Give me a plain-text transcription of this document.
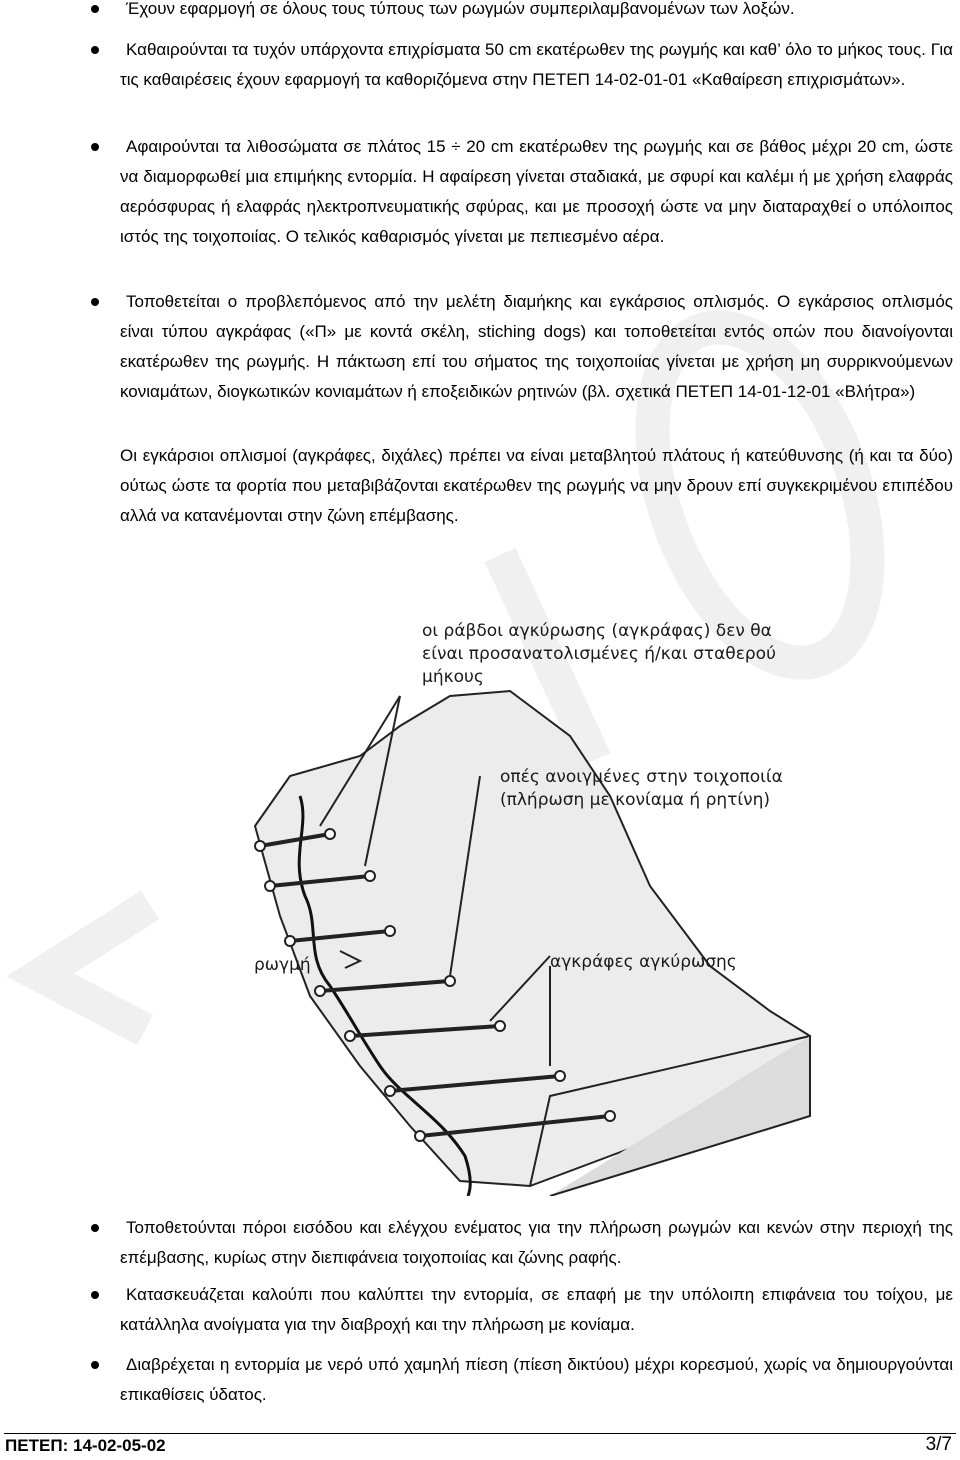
Έχουν εφαρμογή σε όλους τους τύπους των ρωγμών συμπεριλαμβανομένων των λοξών.

Καθαιρούνται τα τυχόν υπάρχοντα επιχρίσματα 50 cm εκατέρωθεν της ρωγμής και καθ’ όλο το μήκος τους. Για τις καθαιρέσεις έχουν εφαρμογή τα καθοριζόμενα στην ΠΕΤΕΠ 14-02-01-01 «Καθαίρεση επιχρισμάτων».

Αφαιρούνται τα λιθοσώματα σε πλάτος 15 ÷ 20 cm εκατέρωθεν της ρωγμής και σε βάθος μέχρι 20 cm, ώστε να διαμορφωθεί μια επιμήκης εντορμία. Η αφαίρεση γίνεται σταδιακά, με σφυρί και καλέμι ή με χρήση ελαφράς αερόσφυρας ή ελαφράς ηλεκτροπνευματικής σφύρας, και με προσοχή ώστε να μην διαταραχθεί ο υπόλοιπος ιστός της τοιχοποιίας. Ο τελικός καθαρισμός γίνεται με πεπιεσμένο αέρα.

Τοποθετείται ο προβλεπόμενος από την μελέτη διαμήκης και εγκάρσιος οπλισμός. Ο εγκάρσιος οπλισμός είναι τύπου αγκράφας («Π» με κοντά σκέλη, stiching dogs) και τοποθετείται εντός οπών που διανοίγονται εκατέρωθεν της ρωγμής. Η πάκτωση επί του σήματος της τοιχοποιίας γίνεται με χρήση μη συρρικνούμενων κονιαμάτων, διογκωτικών κονιαμάτων ή εποξειδικών ρητινών (βλ. σχετικά ΠΕΤΕΠ 14-01-12-01 «Βλήτρα»)

Οι εγκάρσιοι οπλισμοί (αγκράφες, διχάλες) πρέπει να είναι μεταβλητού πλάτους ή κατεύθυνσης (ή και τα δύο) ούτως ώστε τα φορτία που μεταβιβάζονται εκατέρωθεν της ρωγμής να μην δρουν επί συγκεκριμένου επιπέδου αλλά να κατανέμονται στην ζώνη επέμβασης.
οι ράβδοι αγκύρωσης (αγκράφας) δεν θα
είναι προσανατολισμένες ή/και σταθερού
μήκους
οπές ανοιγμένες στην τοιχοποιία
(πλήρωση με κονίαμα ή ρητίνη)
ρωγμή	αγκράφες αγκύρωσης

Τοποθετούνται πόροι εισόδου και ελέγχου ενέματος για την πλήρωση ρωγμών και κενών στην περιοχή της επέμβασης, κυρίως στην διεπιφάνεια τοιχοποιίας και ζώνης ραφής.

Κατασκευάζεται καλούπι που καλύπτει την εντορμία, σε επαφή με την υπόλοιπη επιφάνεια του τοίχου, με κατάλληλα ανοίγματα για την διαβροχή και την πλήρωση με κονίαμα.

Διαβρέχεται η εντορμία με νερό υπό χαμηλή πίεση (πίεση δικτύου) μέχρι κορεσμού, χωρίς να δημιουργούνται επικαθίσεις ύδατος.

ΠΕΤΕΠ: 14-02-05-02	3/7
